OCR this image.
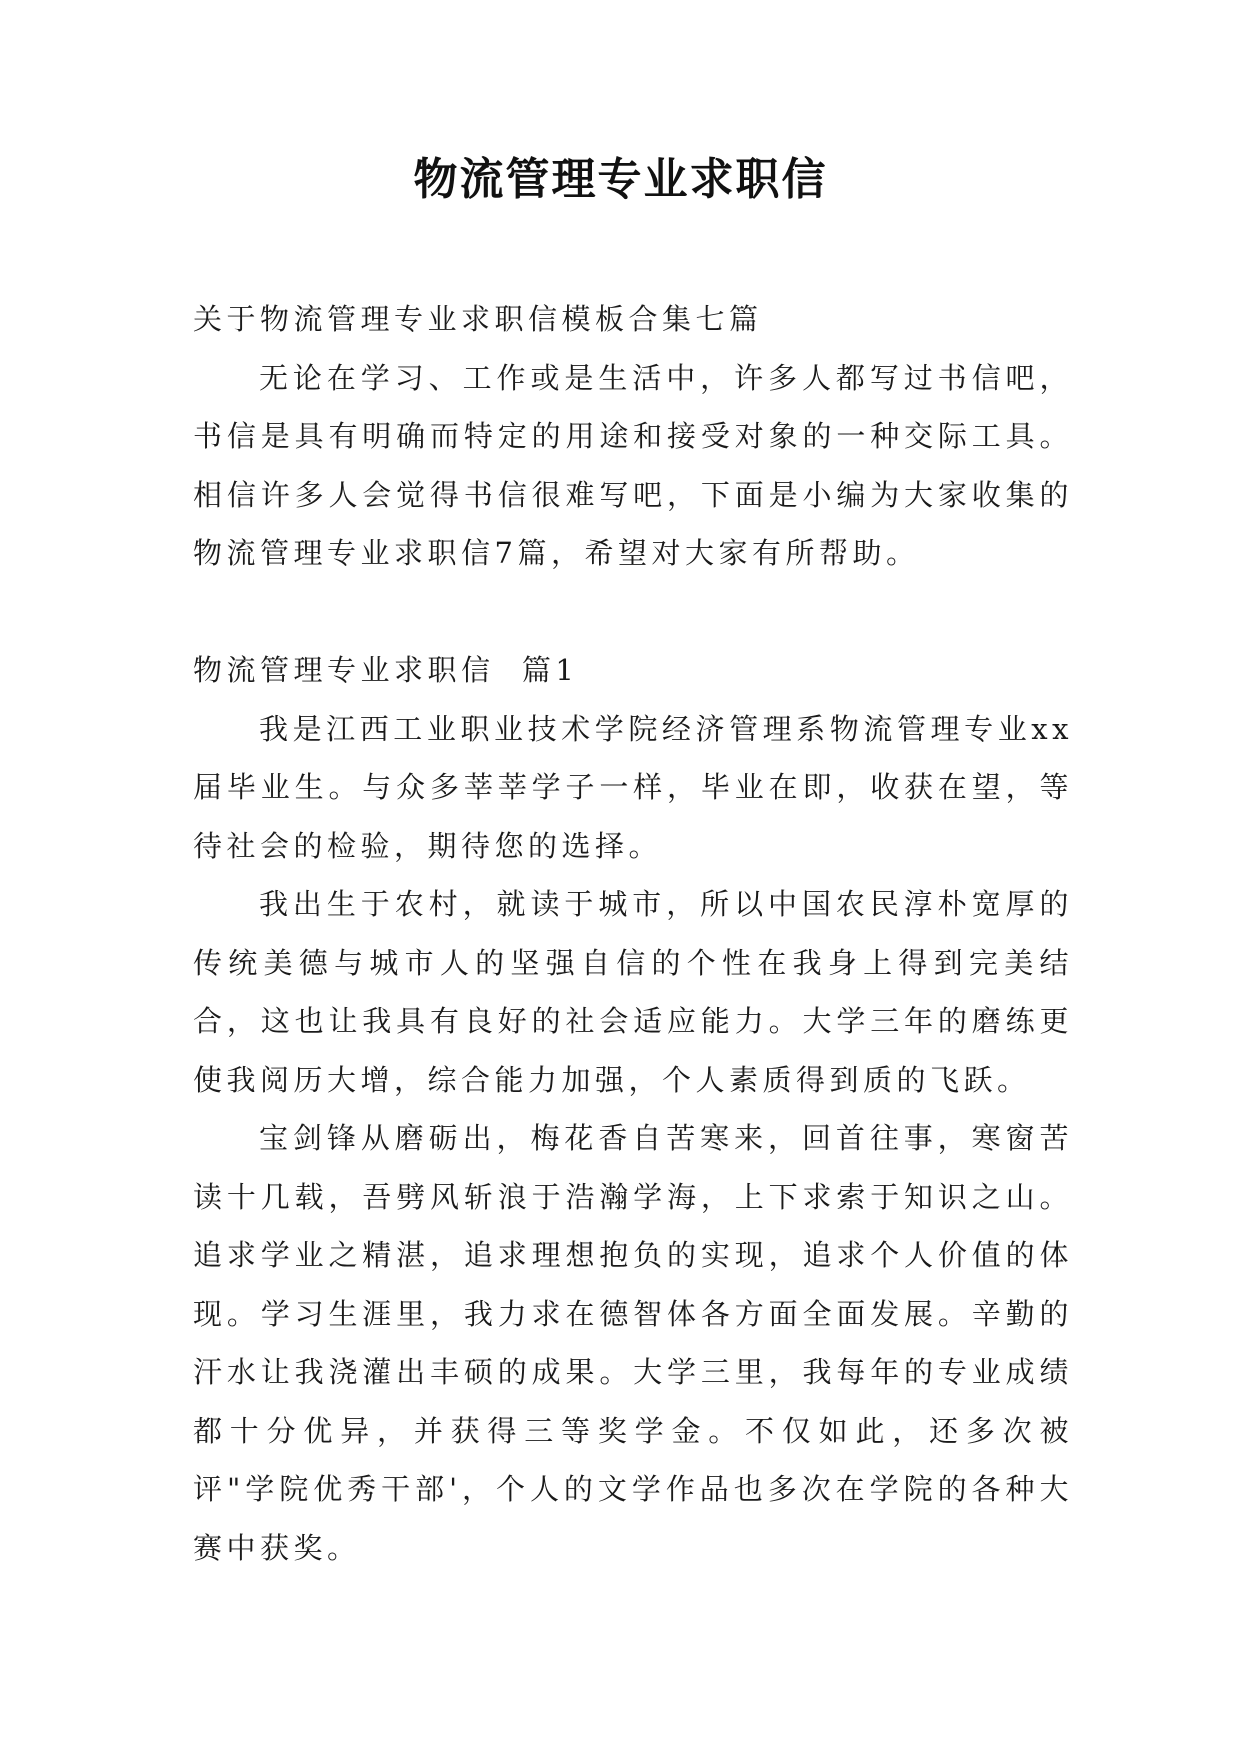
物流管理专业求职信

关于物流管理专业求职信模板合集七篇

无论在学习、工作或是生活中，许多人都写过书信吧，书信是具有明确而特定的用途和接受对象的一种交际工具。相信许多人会觉得书信很难写吧，下面是小编为大家收集的物流管理专业求职信7篇，希望对大家有所帮助。

物流管理专业求职信  篇1

我是江西工业职业技术学院经济管理系物流管理专业xx届毕业生。与众多莘莘学子一样，毕业在即，收获在望，等待社会的检验，期待您的选择。

我出生于农村，就读于城市，所以中国农民淳朴宽厚的传统美德与城市人的坚强自信的个性在我身上得到完美结合，这也让我具有良好的社会适应能力。大学三年的磨练更使我阅历大增，综合能力加强，个人素质得到质的飞跃。

宝剑锋从磨砺出，梅花香自苦寒来，回首往事，寒窗苦读十几载，吾劈风斩浪于浩瀚学海，上下求索于知识之山。追求学业之精湛，追求理想抱负的实现，追求个人价值的体现。学习生涯里，我力求在德智体各方面全面发展。辛勤的汗水让我浇灌出丰硕的成果。大学三里，我每年的专业成绩都十分优异，并获得三等奖学金。不仅如此，还多次被评"学院优秀干部'，个人的文学作品也多次在学院的各种大赛中获奖。
